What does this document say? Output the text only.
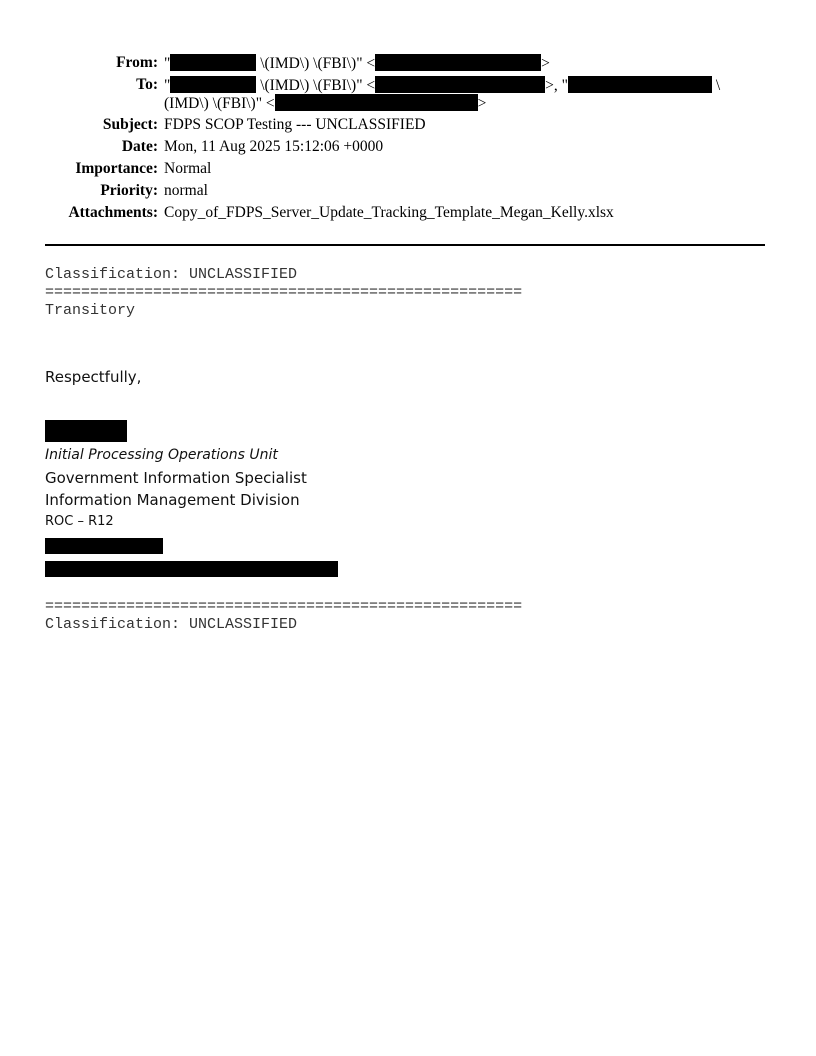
From: "	\(IMD\) \(FBI\)" <	>
To: "	\(IMD\) \(FBI\)" <	>, "	\
(IMD\) \(FBI\)" <	>
Subject: FDPS SCOP Testing --- UNCLASSIFIED
Date: Mon, 11 Aug 2025 15:12:06 +0000
Importance: Normal
Priority: normal
Attachments: Copy_of_FDPS_Server_Update_Tracking_Template_Megan_Kelly.xlsx
Classification: UNCLASSIFIED
=====================================================
Transitory
Respectfully,
Initial Processing Operations Unit
Government Information Specialist
Information Management Division
ROC – R12
=====================================================
Classification: UNCLASSIFIED
